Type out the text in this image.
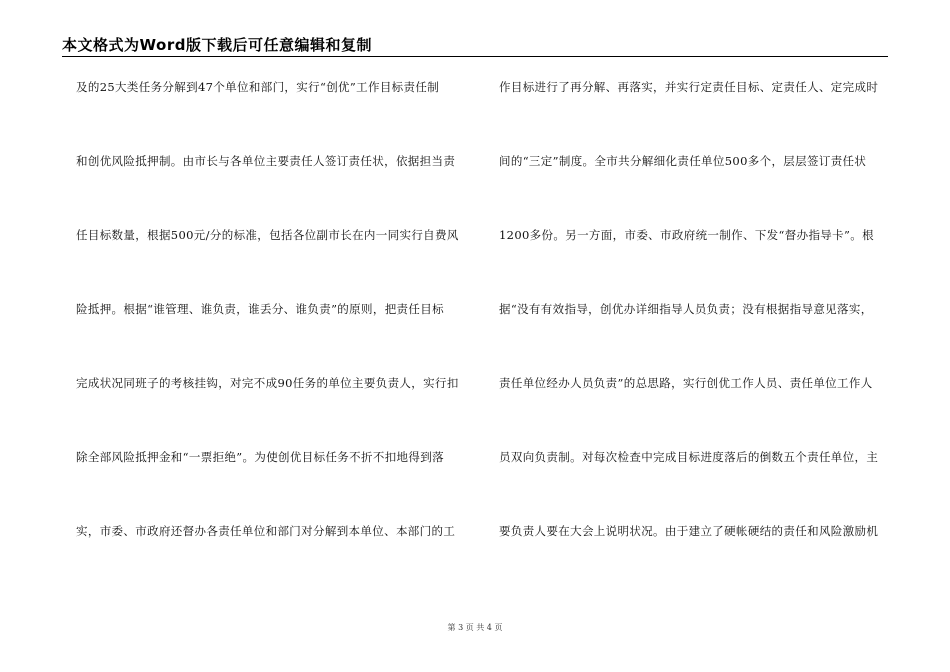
本文格式为Word版下载后可任意编辑和复制
及的25大类任务分解到47个单位和部门，实行“创优”工作目标责任制
和创优风险抵押制。由市长与各单位主要责任人签订责任状，依据担当责
任目标数量，根据500元/分的标准，包括各位副市长在内一同实行自费风
险抵押。根据“谁管理、谁负责，谁丢分、谁负责”的原则，把责任目标
完成状况同班子的考核挂钩，对完不成90任务的单位主要负责人，实行扣
除全部风险抵押金和“一票拒绝”。为使创优目标任务不折不扣地得到落
实，市委、市政府还督办各责任单位和部门对分解到本单位、本部门的工
作目标进行了再分解、再落实，并实行定责任目标、定责任人、定完成时
间的“三定”制度。全市共分解细化责任单位500多个，层层签订责任状
1200多份。另一方面，市委、市政府统一制作、下发“督办指导卡”。根
据“没有有效指导，创优办详细指导人员负责；没有根据指导意见落实，
责任单位经办人员负责”的总思路，实行创优工作人员、责任单位工作人
员双向负责制。对每次检查中完成目标进度落后的倒数五个责任单位，主
要负责人要在大会上说明状况。由于建立了硬帐硬结的责任和风险激励机
第 3 页 共 4 页
